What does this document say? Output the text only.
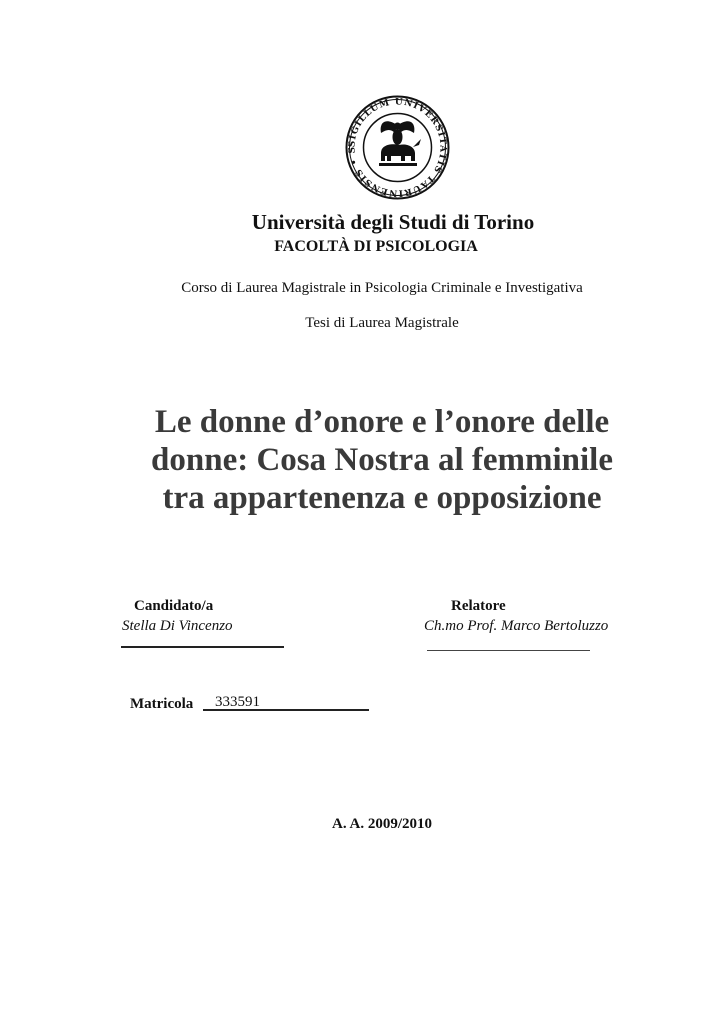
SIGILLUM UNIVERSITATIS TAURINENSIS • S
Università degli Studi di Torino
FACOLTÀ DI PSICOLOGIA
Corso di Laurea Magistrale in Psicologia Criminale e Investigativa
Tesi di Laurea Magistrale
Le donne d’onore e l’onore delle
donne: Cosa Nostra al femminile
tra appartenenza e opposizione
Candidato/a
Stella Di Vincenzo
Relatore
Ch.mo Prof. Marco Bertoluzzo
Matricola 333591
A. A. 2009/2010
